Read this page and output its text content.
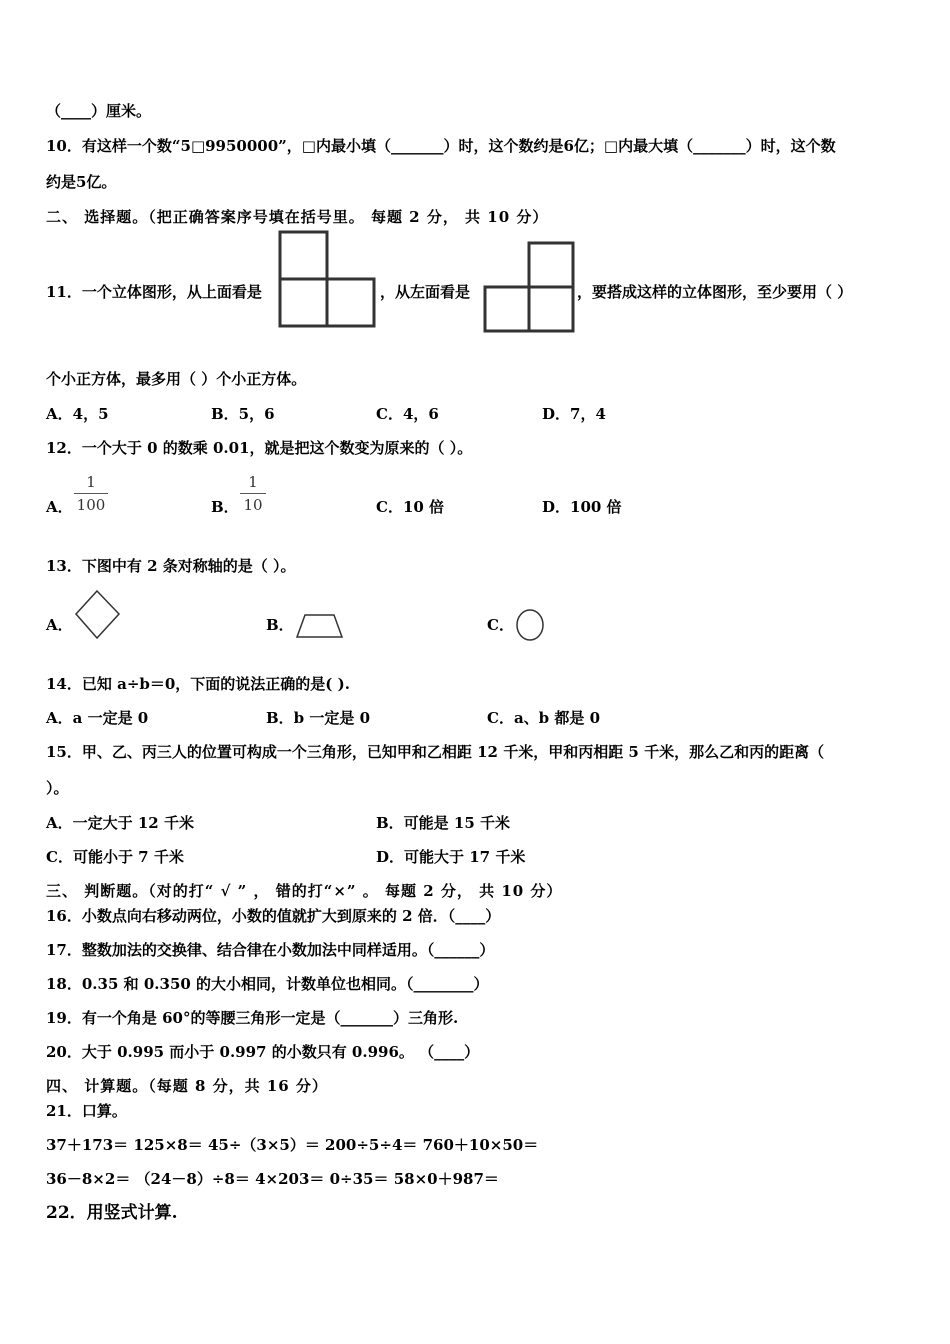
（____）厘米。
10．有这样一个数“5□9950000”，□内最小填（_______）时，这个数约是6亿；□内最大填（_______）时，这个数
约是5亿。
二、 选择题。（把正确答案序号填在括号里。 每题 2 分， 共 10 分）
11．一个立体图形，从上面看是	，从左面看是	，要搭成这样的立体图形，至少要用（ ）
个小正方体，最多用（ ）个小正方体。
A．4，5	B．5，6	C．4，6	D．7，4
12．一个大于 0 的数乘 0.01，就是把这个数变为原来的（ ）。
A．
1
100	B．
1
10	C．10 倍	D．100 倍
13．下图中有 2 条对称轴的是（ ）。
A．	B．	C．
14．已知 a÷b＝0，下面的说法正确的是( ).
A．a 一定是 0	B．b 一定是 0	C．a、b 都是 0
15．甲、乙、丙三人的位置可构成一个三角形，已知甲和乙相距 12 千米，甲和丙相距 5 千米，那么乙和丙的距离（
）。
A．一定大于 12 千米	B．可能是 15 千米
C．可能小于 7 千米	D．可能大于 17 千米
三、 判断题。（对的打“ √ ” ， 错的打“×” 。 每题 2 分， 共 10 分）
16．小数点向右移动两位，小数的值就扩大到原来的 2 倍．（____）
17．整数加法的交换律、结合律在小数加法中同样适用。（______）
18．0.35 和 0.350 的大小相同，计数单位也相同。（________）
19．有一个角是 60°的等腰三角形一定是（_______）三角形.
20．大于 0.995 而小于 0.997 的小数只有 0.996。 （____）
四、 计算题。（每题 8 分，共 16 分）
21．口算。
37＋173＝ 125×8＝ 45÷（3×5）＝ 200÷5÷4＝ 760＋10×50＝
36－8×2＝ （24－8）÷8＝ 4×203＝ 0÷35＝ 58×0＋987＝
22．用竖式计算.
